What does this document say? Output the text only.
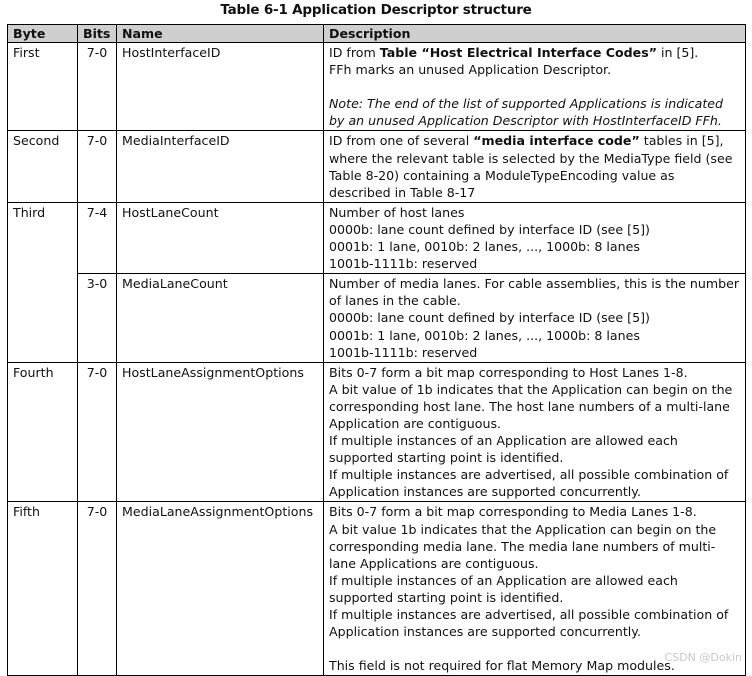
Table 6-1 Application Descriptor structure
Byte	Bits	Name	Description
First	7-0	HostInterfaceID	ID from Table “Host Electrical Interface Codes” in [5].
FFh marks an unused Application Descriptor.
Note: The end of the list of supported Applications is indicated by an unused Application Descriptor with HostInterfaceID FFh.

Second	7-0	MediaInterfaceID	ID from one of several “media interface code” tables in [5], where the relevant table is selected by the MediaType field (see Table 8-20) containing a ModuleTypeEncoding value as described in Table 8-17

Third	7-4	HostLaneCount	Number of host lanes
0000b: lane count defined by interface ID (see [5])
0001b: 1 lane, 0010b: 2 lanes, ..., 1000b: 8 lanes
1001b-1111b: reserved

	3-0	MediaLaneCount	Number of media lanes. For cable assemblies, this is the number of lanes in the cable.
0000b: lane count defined by interface ID (see [5])
0001b: 1 lane, 0010b: 2 lanes, ..., 1000b: 8 lanes
1001b-1111b: reserved

Fourth	7-0	HostLaneAssignmentOptions	Bits 0-7 form a bit map corresponding to Host Lanes 1-8.
A bit value of 1b indicates that the Application can begin on the corresponding host lane. The host lane numbers of a multi-lane Application are contiguous.
If multiple instances of an Application are allowed each supported starting point is identified.
If multiple instances are advertised, all possible combination of Application instances are supported concurrently.

Fifth	7-0	MediaLaneAssignmentOptions	Bits 0-7 form a bit map corresponding to Media Lanes 1-8.
A bit value 1b indicates that the Application can begin on the corresponding media lane. The media lane numbers of multi-lane Applications are contiguous.
If multiple instances of an Application are allowed each supported starting point is identified.
If multiple instances are advertised, all possible combination of Application instances are supported concurrently.
This field is not required for flat Memory Map modules.
CSDN @Dokin
